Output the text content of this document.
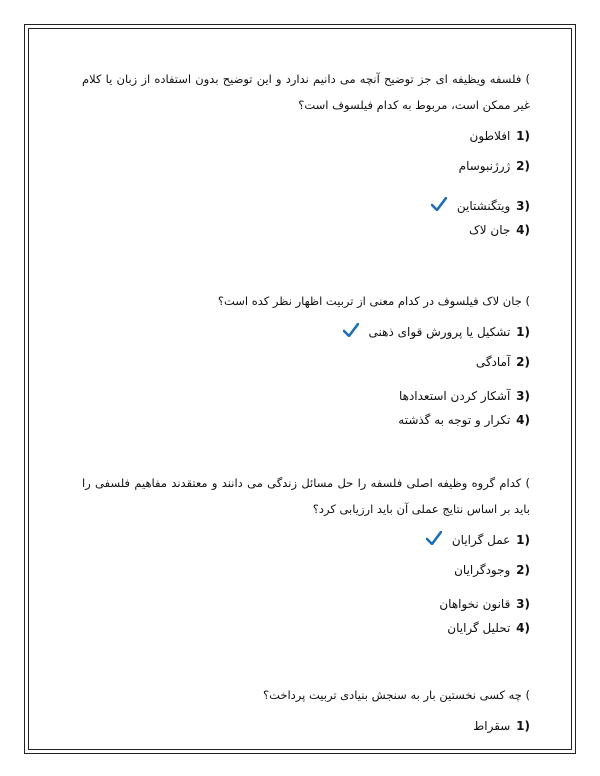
) فلسفه ویظیفه ای جز توضیح آنچه می دانیم ندارد و این توضیح بدون استفاده از زبان یا کلام غیر ممکن است، مربوط به کدام فیلسوف است؟

1) افلاطون
2) ژرژنبوسام
3) ویتگنشتاین
4) جان لاک

) جان لاک فیلسوف در کدام معنی از تربیت اظهار نظر کده است؟

1) تشکیل یا پرورش قوای ذهنی
2) آمادگی
3) آشکار کردن استعدادها
4) تکرار و توجه به گذشته

) کدام گروه وظیفه اصلی فلسفه را حل مسائل زندگی می دانند و معتقدند مفاهیم فلسفی را باید بر اساس نتایج عملی آن باید ارزیابی کرد؟

1) عمل گرایان
2) وجودگرایان
3) قانون نخواهان
4) تحلیل گرایان

) چه کسی نخستین بار به سنجش بنیادی تربیت پرداخت؟

1) سقراط
